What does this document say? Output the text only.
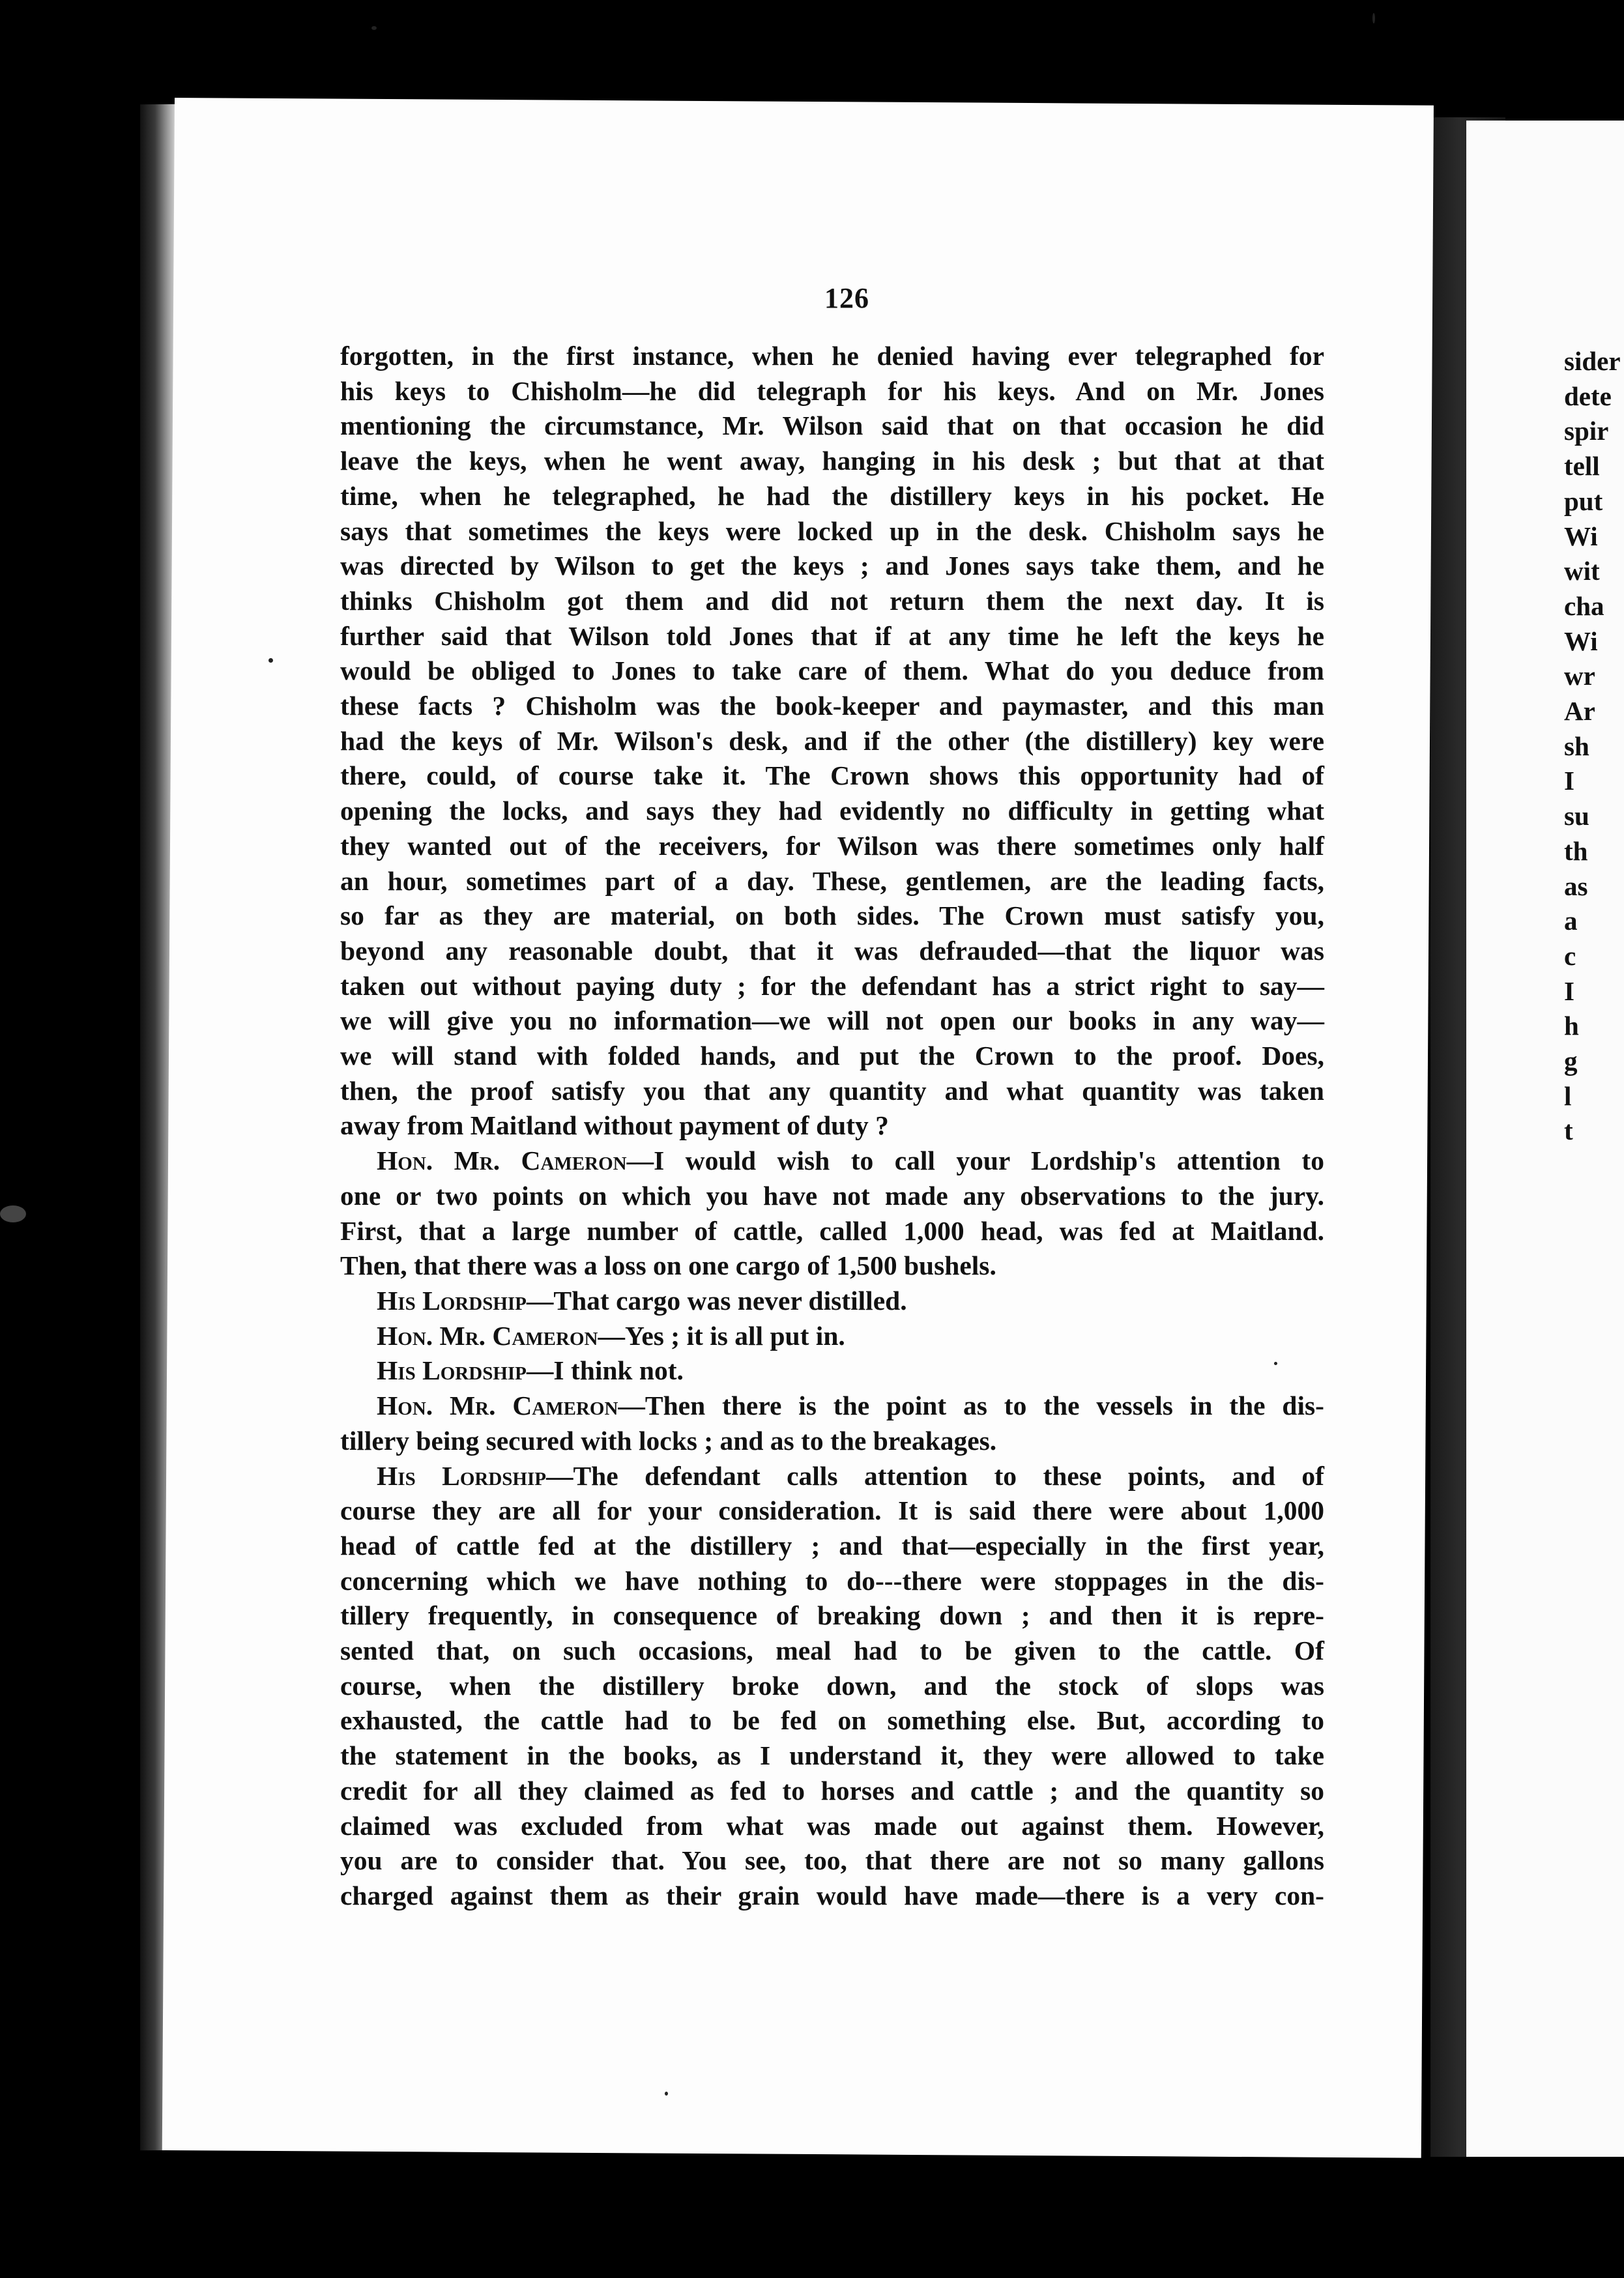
126
forgotten, in the first instance, when he denied having ever telegraphed for
his keys to Chisholm—he did telegraph for his keys. And on Mr. Jones
mentioning the circumstance, Mr. Wilson said that on that occasion he did
leave the keys, when he went away, hanging in his desk ; but that at that
time, when he telegraphed, he had the distillery keys in his pocket. He
says that sometimes the keys were locked up in the desk. Chisholm says he
was directed by Wilson to get the keys ; and Jones says take them, and he
thinks Chisholm got them and did not return them the next day. It is
further said that Wilson told Jones that if at any time he left the keys he
would be obliged to Jones to take care of them. What do you deduce from
these facts ? Chisholm was the book-keeper and paymaster, and this man
had the keys of Mr. Wilson's desk, and if the other (the distillery) key were
there, could, of course take it. The Crown shows this opportunity had of
opening the locks, and says they had evidently no difficulty in getting what
they wanted out of the receivers, for Wilson was there sometimes only half
an hour, sometimes part of a day. These, gentlemen, are the leading facts,
so far as they are material, on both sides. The Crown must satisfy you,
beyond any reasonable doubt, that it was defrauded—that the liquor was
taken out without paying duty ; for the defendant has a strict right to say—
we will give you no information—we will not open our books in any way—
we will stand with folded hands, and put the Crown to the proof. Does,
then, the proof satisfy you that any quantity and what quantity was taken
away from Maitland without payment of duty ?
Hon. Mr. Cameron—I would wish to call your Lordship's attention to
one or two points on which you have not made any observations to the jury.
First, that a large number of cattle, called 1,000 head, was fed at Maitland.
Then, that there was a loss on one cargo of 1,500 bushels.
His Lordship—That cargo was never distilled.
Hon. Mr. Cameron—Yes ; it is all put in.
His Lordship—I think not.
Hon. Mr. Cameron—Then there is the point as to the vessels in the dis-
tillery being secured with locks ; and as to the breakages.
His Lordship—The defendant calls attention to these points, and of
course they are all for your consideration. It is said there were about 1,000
head of cattle fed at the distillery ; and that—especially in the first year,
concerning which we have nothing to do---there were stoppages in the dis-
tillery frequently, in consequence of breaking down ; and then it is repre-
sented that, on such occasions, meal had to be given to the cattle. Of
course, when the distillery broke down, and the stock of slops was
exhausted, the cattle had to be fed on something else. But, according to
the statement in the books, as I understand it, they were allowed to take
credit for all they claimed as fed to horses and cattle ; and the quantity so
claimed was excluded from what was made out against them. However,
you are to consider that. You see, too, that there are not so many gallons
charged against them as their grain would have made—there is a very con-
sider
dete
spir
tell
put
Wi
wit
cha
Wi
wr
Ar
sh
I
su
th
as
a
c
I
h
g
l
t
